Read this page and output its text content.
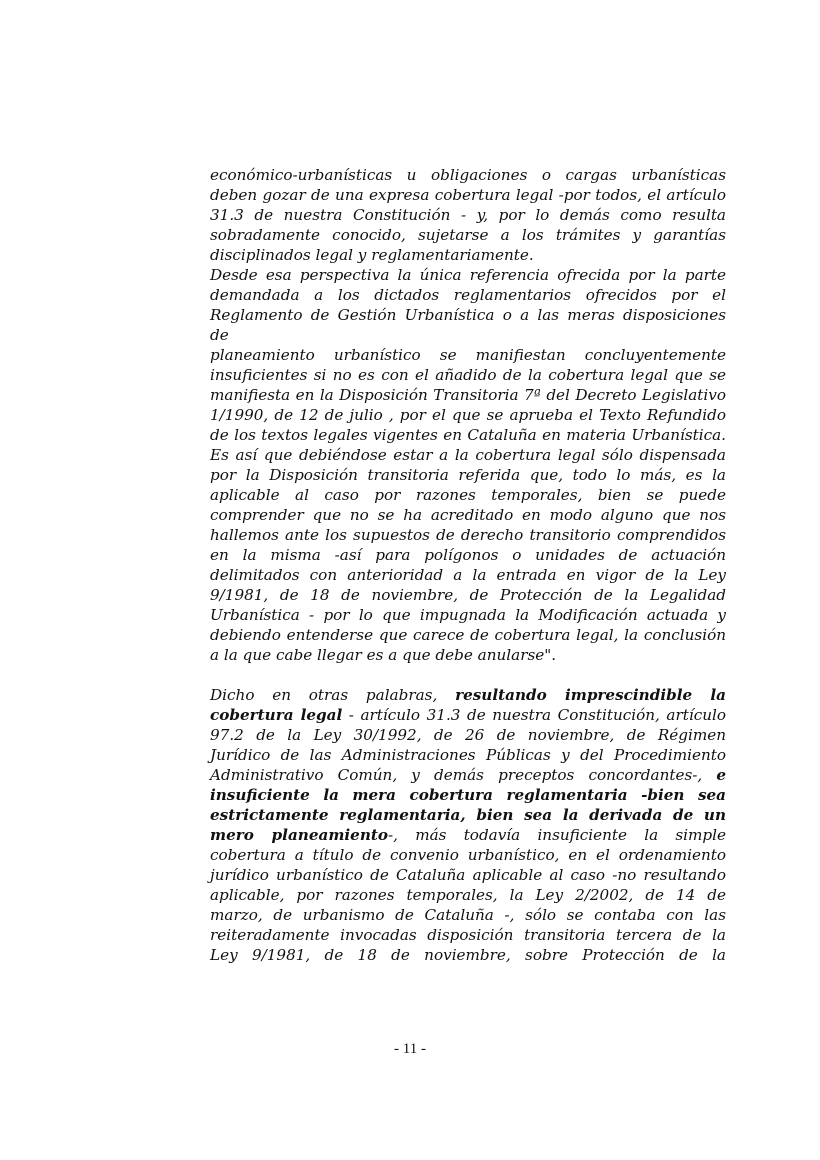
económico-urbanísticas u obligaciones o cargas urbanísticas
deben gozar de una expresa cobertura legal -por todos, el artículo
31.3 de nuestra Constitución - y, por lo demás como resulta
sobradamente conocido, sujetarse a los trámites y garantías
disciplinados legal y reglamentariamente.
Desde esa perspectiva la única referencia ofrecida por la parte
demandada a los dictados reglamentarios ofrecidos por el
Reglamento de Gestión Urbanística o a las meras disposiciones
de
planeamiento urbanístico se manifiestan concluyentemente
insuficientes si no es con el añadido de la cobertura legal que se
manifiesta en la Disposición Transitoria 7ª del Decreto Legislativo
1/1990, de 12 de julio , por el que se aprueba el Texto Refundido
de los textos legales vigentes en Cataluña en materia Urbanística.
Es así que debiéndose estar a la cobertura legal sólo dispensada
por la Disposición transitoria referida que, todo lo más, es la
aplicable al caso por razones temporales, bien se puede
comprender que no se ha acreditado en modo alguno que nos
hallemos ante los supuestos de derecho transitorio comprendidos
en la misma -así para polígonos o unidades de actuación
delimitados con anterioridad a la entrada en vigor de la Ley
9/1981, de 18 de noviembre, de Protección de la Legalidad
Urbanística - por lo que impugnada la Modificación actuada y
debiendo entenderse que carece de cobertura legal, la conclusión
a la que cabe llegar es a que debe anularse".
Dicho en otras palabras, resultando imprescindible la
cobertura legal - artículo 31.3 de nuestra Constitución, artículo
97.2 de la Ley 30/1992, de 26 de noviembre, de Régimen
Jurídico de las Administraciones Públicas y del Procedimiento
Administrativo Común, y demás preceptos concordantes-, e
insuficiente la mera cobertura reglamentaria -bien sea
estrictamente reglamentaria, bien sea la derivada de un
mero planeamiento-, más todavía insuficiente la simple
cobertura a título de convenio urbanístico, en el ordenamiento
jurídico urbanístico de Cataluña aplicable al caso -no resultando
aplicable, por razones temporales, la Ley 2/2002, de 14 de
marzo, de urbanismo de Cataluña -, sólo se contaba con las
reiteradamente invocadas disposición transitoria tercera de la
Ley 9/1981, de 18 de noviembre, sobre Protección de la
- 11 -
